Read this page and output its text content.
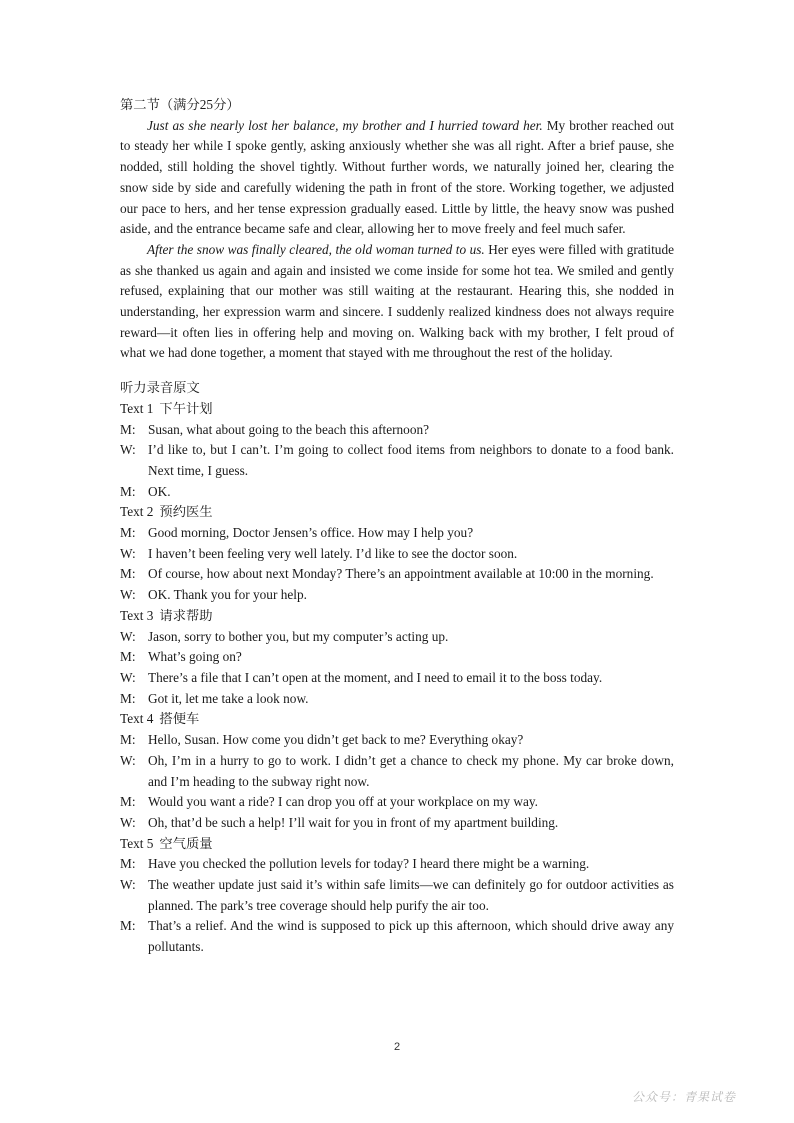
第二节（满分25分）

Just as she nearly lost her balance, my brother and I hurried toward her. My brother reached out to steady her while I spoke gently, asking anxiously whether she was all right. After a brief pause, she nodded, still holding the shovel tightly. Without further words, we naturally joined her, clearing the snow side by side and carefully widening the path in front of the store. Working together, we adjusted our pace to hers, and her tense expression gradually eased. Little by little, the heavy snow was pushed aside, and the entrance became safe and clear, allowing her to move freely and feel much safer.

After the snow was finally cleared, the old woman turned to us. Her eyes were filled with gratitude as she thanked us again and again and insisted we come inside for some hot tea. We smiled and gently refused, explaining that our mother was still waiting at the restaurant. Hearing this, she nodded in understanding, her expression warm and sincere. I suddenly realized kindness does not always require reward—it often lies in offering help and moving on. Walking back with my brother, I felt proud of what we had done together, a moment that stayed with me throughout the rest of the holiday.

听力录音原文

Text 1 下午计划

M: Susan, what about going to the beach this afternoon?
W: I’d like to, but I can’t. I’m going to collect food items from neighbors to donate to a food bank. Next time, I guess.
M: OK.

Text 2 预约医生

M: Good morning, Doctor Jensen’s office. How may I help you?
W: I haven’t been feeling very well lately. I’d like to see the doctor soon.
M: Of course, how about next Monday? There’s an appointment available at 10:00 in the morning.
W: OK. Thank you for your help.

Text 3 请求帮助

W: Jason, sorry to bother you, but my computer’s acting up.
M: What’s going on?
W: There’s a file that I can’t open at the moment, and I need to email it to the boss today.
M: Got it, let me take a look now.

Text 4 搭便车

M: Hello, Susan. How come you didn’t get back to me? Everything okay?
W: Oh, I’m in a hurry to go to work. I didn’t get a chance to check my phone. My car broke down, and I’m heading to the subway right now.
M: Would you want a ride? I can drop you off at your workplace on my way.
W: Oh, that’d be such a help! I’ll wait for you in front of my apartment building.

Text 5 空气质量

M: Have you checked the pollution levels for today? I heard there might be a warning.
W: The weather update just said it’s within safe limits—we can definitely go for outdoor activities as planned. The park’s tree coverage should help purify the air too.
M: That’s a relief. And the wind is supposed to pick up this afternoon, which should drive away any pollutants.
2
公众号：青果试卷
